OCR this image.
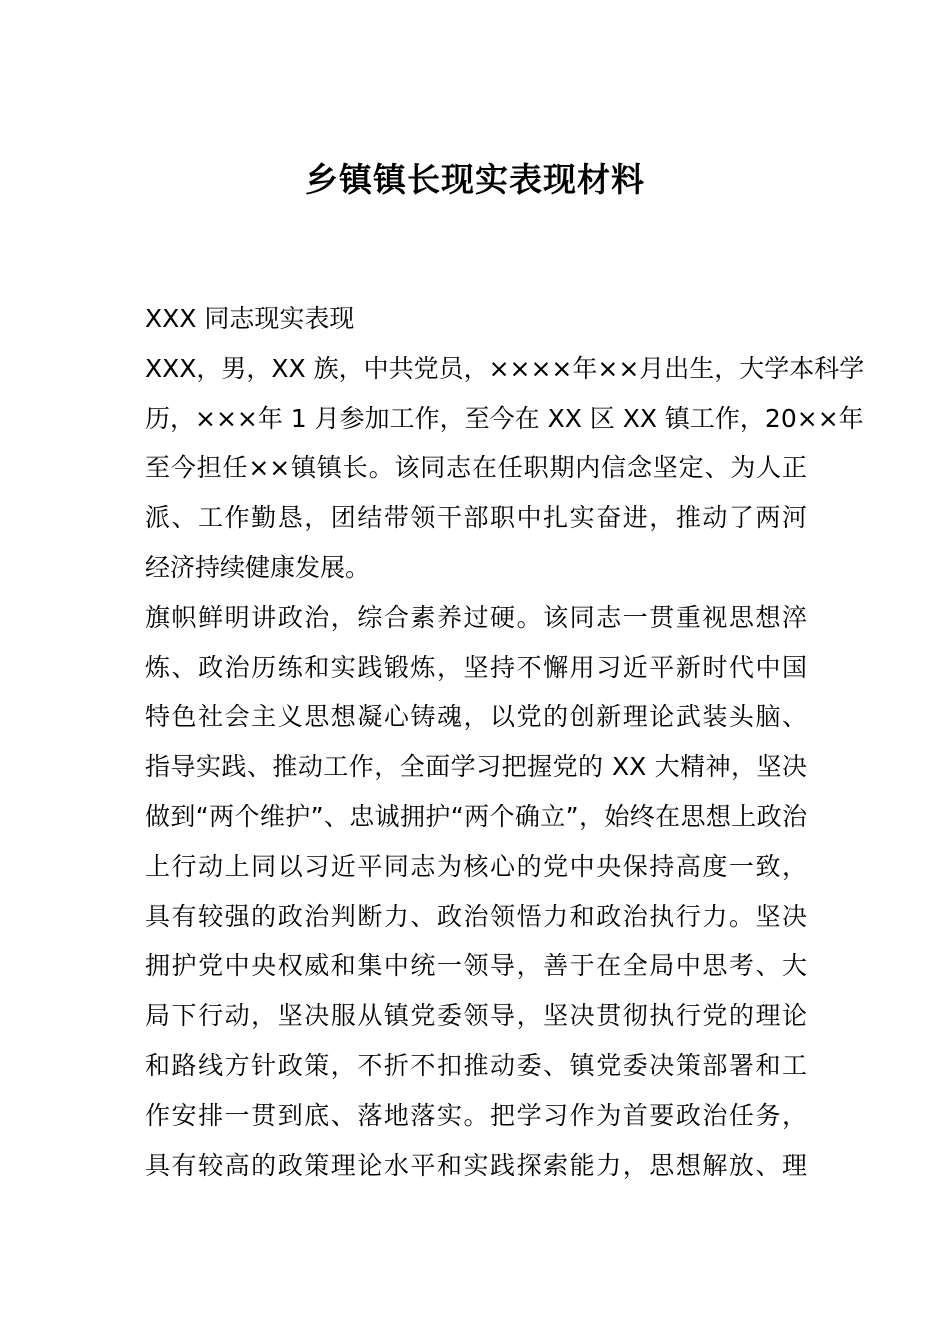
乡镇镇长现实表现材料
XXX 同志现实表现
XXX，男，XX 族，中共党员，××××年××月出生，大学本科学
历，×××年 1 月参加工作，至今在 XX 区 XX 镇工作，20××年
至今担任××镇镇长。该同志在任职期内信念坚定、为人正
派、工作勤恳，团结带领干部职中扎实奋进，推动了两河
经济持续健康发展。
旗帜鲜明讲政治，综合素养过硬。该同志一贯重视思想淬
炼、政治历练和实践锻炼，坚持不懈用习近平新时代中国
特色社会主义思想凝心铸魂，以党的创新理论武装头脑、
指导实践、推动工作，全面学习把握党的 XX 大精神，坚决
做到“两个维护”、忠诚拥护“两个确立”，始终在思想上政治
上行动上同以习近平同志为核心的党中央保持高度一致，
具有较强的政治判断力、政治领悟力和政治执行力。坚决
拥护党中央权威和集中统一领导，善于在全局中思考、大
局下行动，坚决服从镇党委领导，坚决贯彻执行党的理论
和路线方针政策，不折不扣推动委、镇党委决策部署和工
作安排一贯到底、落地落实。把学习作为首要政治任务，
具有较高的政策理论水平和实践探索能力，思想解放、理
